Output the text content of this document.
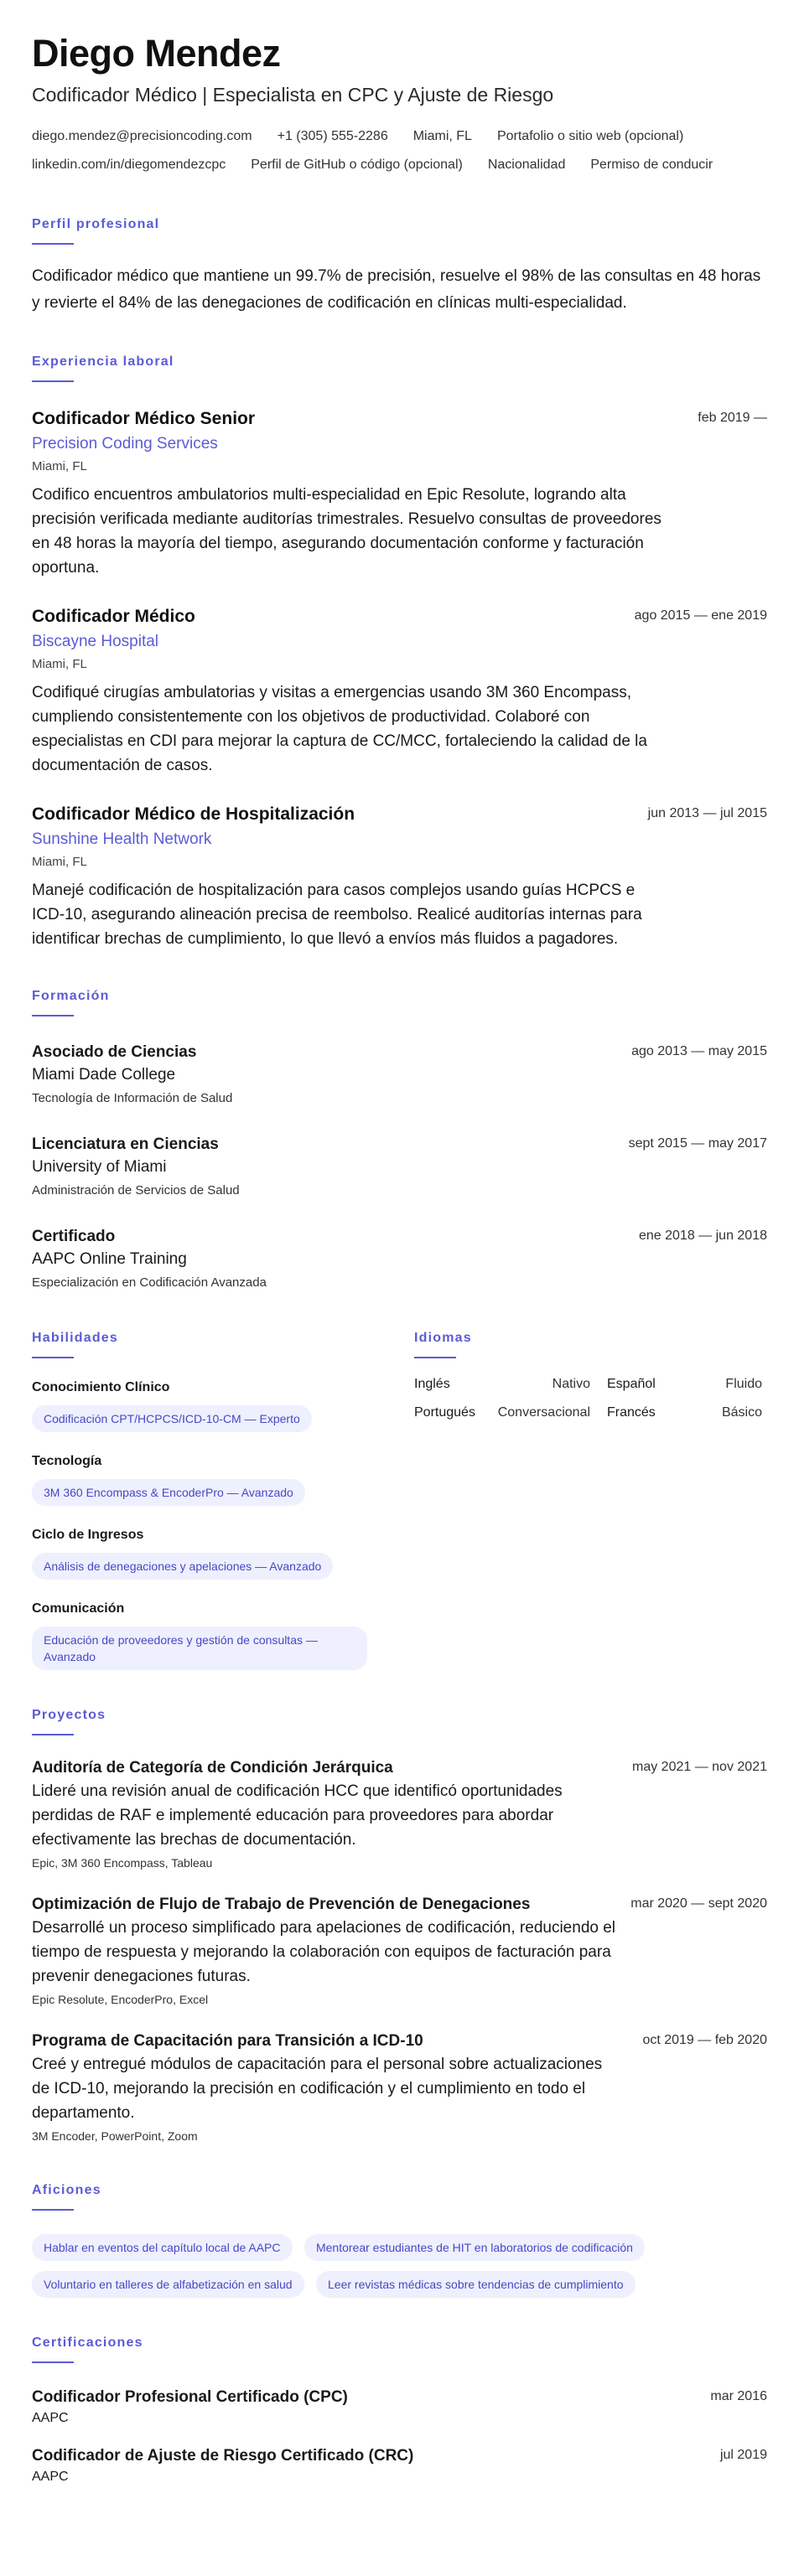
Diego Mendez
Codificador Médico | Especialista en CPC y Ajuste de Riesgo
diego.mendez@precisioncoding.com +1 (305) 555-2286 Miami, FL Portafolio o sitio web (opcional)
linkedin.com/in/diegomendezcpc Perfil de GitHub o código (opcional) Nacionalidad Permiso de conducir
Perfil profesional
Codificador médico que mantiene un 99.7% de precisión, resuelve el 98% de las consultas en 48 horas y revierte el 84% de las denegaciones de codificación en clínicas multi-especialidad.
Experiencia laboral
Codificador Médico Senior	feb 2019 —
Precision Coding Services
Miami, FL
Codifico encuentros ambulatorios multi-especialidad en Epic Resolute, logrando alta precisión verificada mediante auditorías trimestrales. Resuelvo consultas de proveedores en 48 horas la mayoría del tiempo, asegurando documentación conforme y facturación oportuna.
Codificador Médico	ago 2015 — ene 2019
Biscayne Hospital
Miami, FL
Codifiqué cirugías ambulatorias y visitas a emergencias usando 3M 360 Encompass, cumpliendo consistentemente con los objetivos de productividad. Colaboré con especialistas en CDI para mejorar la captura de CC/MCC, fortaleciendo la calidad de la documentación de casos.
Codificador Médico de Hospitalización	jun 2013 — jul 2015
Sunshine Health Network
Miami, FL
Manejé codificación de hospitalización para casos complejos usando guías HCPCS e ICD-10, asegurando alineación precisa de reembolso. Realicé auditorías internas para identificar brechas de cumplimiento, lo que llevó a envíos más fluidos a pagadores.
Formación
Asociado de Ciencias	ago 2013 — may 2015
Miami Dade College
Tecnología de Información de Salud
Licenciatura en Ciencias	sept 2015 — may 2017
University of Miami
Administración de Servicios de Salud
Certificado	ene 2018 — jun 2018
AAPC Online Training
Especialización en Codificación Avanzada
Habilidades
Conocimiento Clínico
Codificación CPT/HCPCS/ICD-10-CM — Experto
Tecnología
3M 360 Encompass & EncoderPro — Avanzado
Ciclo de Ingresos
Análisis de denegaciones y apelaciones — Avanzado
Comunicación
Educación de proveedores y gestión de consultas — Avanzado
Idiomas
Inglés	Nativo	Español	Fluido
Portugués	Conversacional	Francés	Básico
Proyectos
Auditoría de Categoría de Condición Jerárquica	may 2021 — nov 2021
Lideré una revisión anual de codificación HCC que identificó oportunidades perdidas de RAF e implementé educación para proveedores para abordar efectivamente las brechas de documentación.
Epic, 3M 360 Encompass, Tableau
Optimización de Flujo de Trabajo de Prevención de Denegaciones	mar 2020 — sept 2020
Desarrollé un proceso simplificado para apelaciones de codificación, reduciendo el tiempo de respuesta y mejorando la colaboración con equipos de facturación para prevenir denegaciones futuras.
Epic Resolute, EncoderPro, Excel
Programa de Capacitación para Transición a ICD-10	oct 2019 — feb 2020
Creé y entregué módulos de capacitación para el personal sobre actualizaciones de ICD-10, mejorando la precisión en codificación y el cumplimiento en todo el departamento.
3M Encoder, PowerPoint, Zoom
Aficiones
Hablar en eventos del capítulo local de AAPC	Mentorear estudiantes de HIT en laboratorios de codificación Voluntario en talleres de alfabetización en salud	Leer revistas médicas sobre tendencias de cumplimiento
Certificaciones
Codificador Profesional Certificado (CPC)	mar 2016
AAPC
Codificador de Ajuste de Riesgo Certificado (CRC)	jul 2019
AAPC
